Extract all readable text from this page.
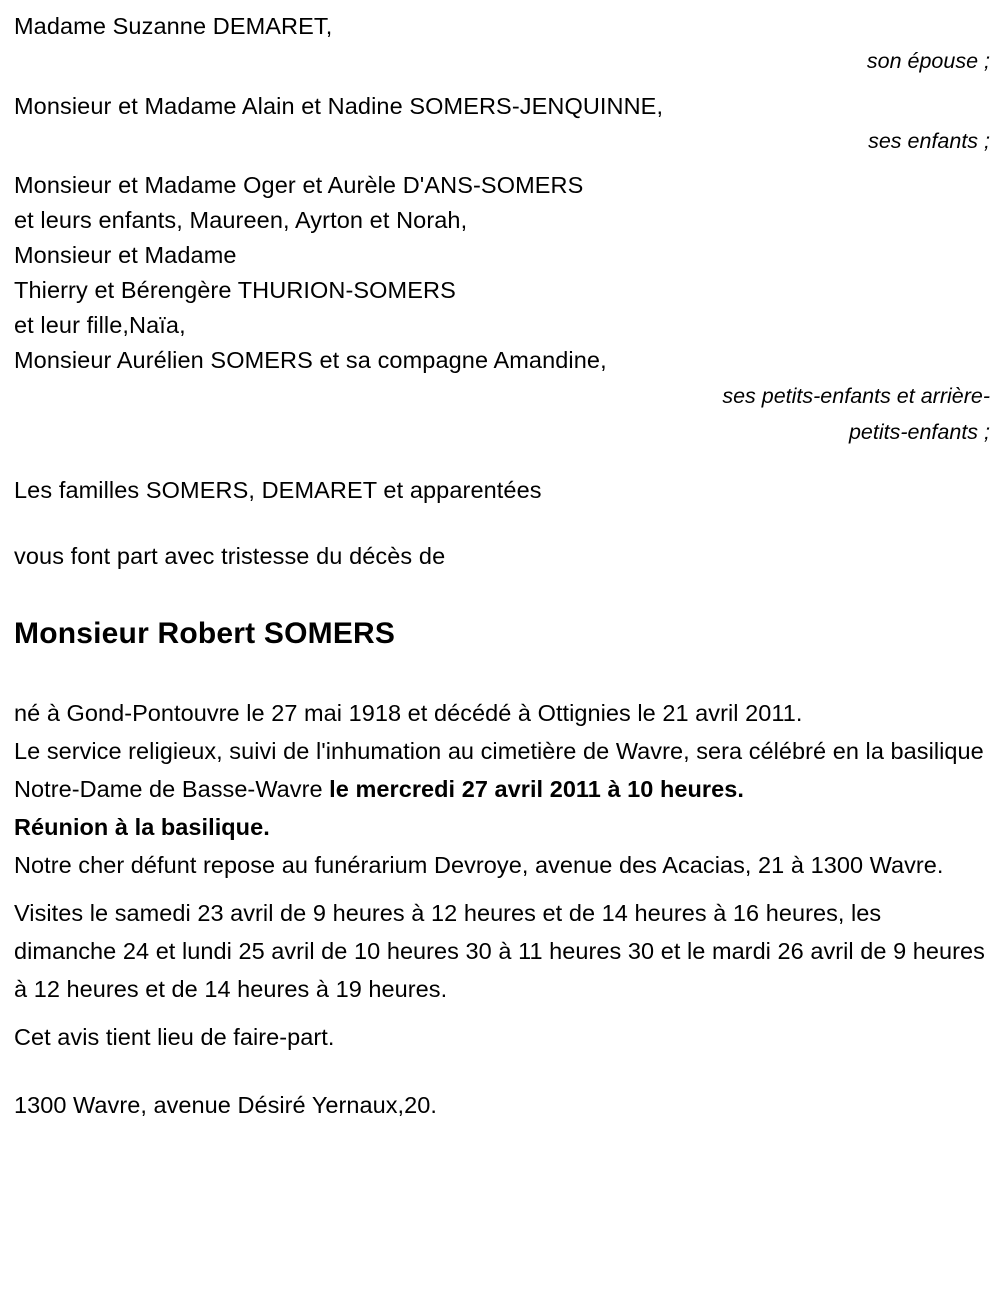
Madame Suzanne DEMARET,
son épouse ;
Monsieur et Madame Alain et Nadine SOMERS-JENQUINNE,
ses enfants ;
Monsieur et Madame Oger et Aurèle D'ANS-SOMERS
et leurs enfants, Maureen, Ayrton et Norah,
Monsieur et Madame
Thierry et Bérengère THURION-SOMERS
et leur fille,Naïa,
Monsieur Aurélien SOMERS et sa compagne Amandine,
ses petits-enfants et arrière-petits-enfants ;
Les familles SOMERS, DEMARET et apparentées
vous font part avec tristesse du décès de
Monsieur Robert SOMERS
né à Gond-Pontouvre le 27 mai 1918 et décédé à Ottignies le 21 avril 2011.
Le service religieux, suivi de l'inhumation au cimetière de Wavre, sera célébré en la basilique Notre-Dame de Basse-Wavre le mercredi 27 avril 2011 à 10 heures.
Réunion à la basilique.
Notre cher défunt repose au funérarium Devroye, avenue des Acacias, 21 à 1300 Wavre.
Visites le samedi 23 avril de 9 heures à 12 heures et de 14 heures à 16 heures, les dimanche 24 et lundi 25 avril de 10 heures 30 à 11 heures 30 et le mardi 26 avril de 9 heures à 12 heures et de 14 heures à 19 heures.
Cet avis tient lieu de faire-part.
1300 Wavre, avenue Désiré Yernaux,20.
